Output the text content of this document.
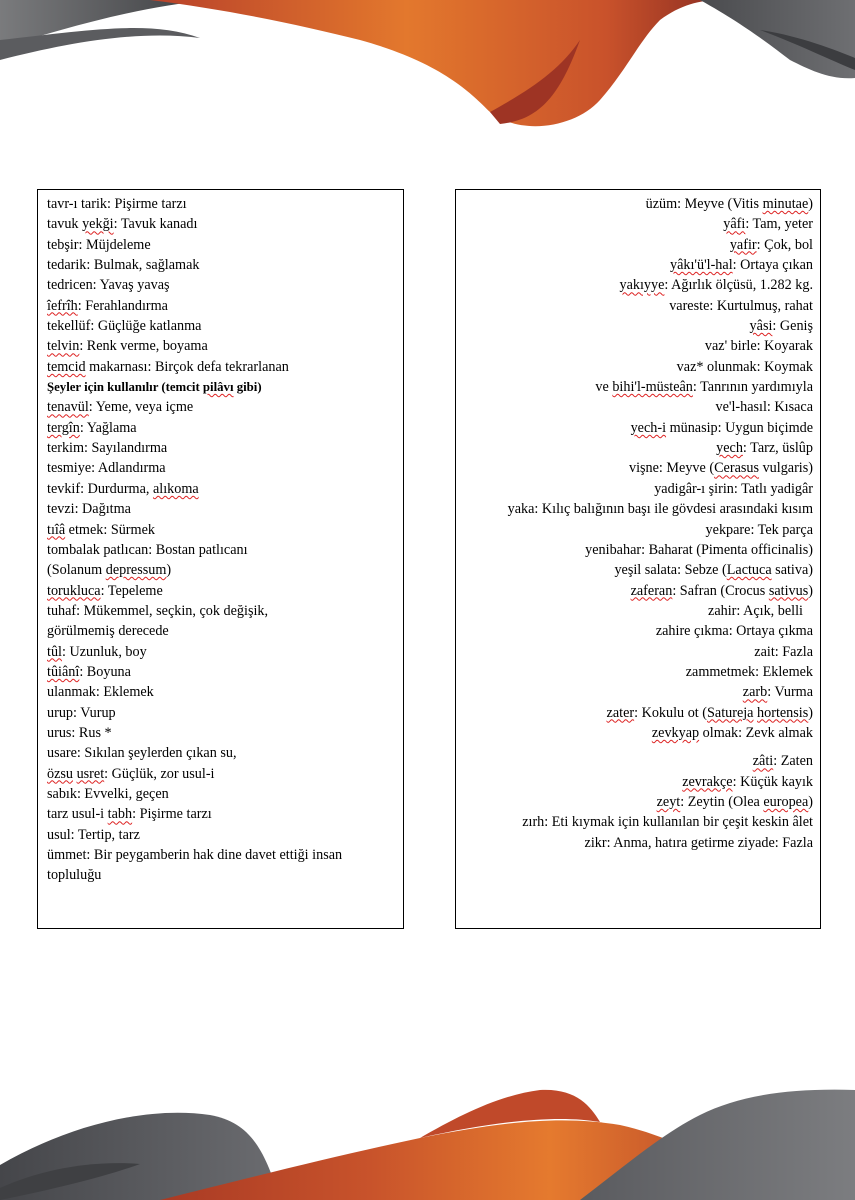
tavr-ı tarik: Pişirme tarzı
tavuk yekği: Tavuk kanadı
tebşir: Müjdeleme
tedarik: Bulmak, sağlamak
tedricen: Yavaş yavaş
îefrîh: Ferahlandırma
tekellüf: Güçlüğe katlanma
telvin: Renk verme, boyama
temcid makarnası: Birçok defa tekrarlanan
Şeyler için kullanılır (temcit pilâvı gibi)
tenavül: Yeme, veya içme
tergîn: Yağlama
terkim: Sayılandırma
tesmiye: Adlandırma
tevkif: Durdurma, alıkoma
tevzi: Dağıtma
tıîâ etmek: Sürmek
tombalak patlıcan: Bostan patlıcanı
(Solanum depressum)
torukluca: Tepeleme
tuhaf: Mükemmel, seçkin, çok değişik,
görülmemiş derecede
tûl: Uzunluk, boy
tûiânî: Boyuna
ulanmak: Eklemek
urup: Vurup
urus: Rus *
usare: Sıkılan şeylerden çıkan su,
özsu usret: Güçlük, zor usul-i
sabık: Evvelki, geçen
tarz usul-i tabh: Pişirme tarzı
usul: Tertip, tarz
ümmet: Bir peygamberin hak dine davet ettiği insan topluluğu
üzüm: Meyve (Vitis minutae)
yâfi: Tam, yeter
yafir: Çok, bol
yâkı'ü'l-hal: Ortaya çıkan
yakıyye: Ağırlık ölçüsü, 1.282 kg.
vareste: Kurtulmuş, rahat
yâsi: Geniş
vaz' birle: Koyarak
vaz* olunmak: Koymak
ve bihi'l-müsteân: Tanrının yardımıyla
ve'l-hasıl: Kısaca
yech-i münasip: Uygun biçimde
yech: Tarz, üslûp
vişne: Meyve (Cerasus vulgaris)
yadigâr-ı şirin: Tatlı yadigâr
yaka: Kılıç balığının başı ile gövdesi arasındaki kısım
yekpare: Tek parça
yenibahar: Baharat (Pimenta officinalis)
yeşil salata: Sebze (Lactuca sativa)
zaferan: Safran (Crocus sativus)
zahir: Açık, belli
zahire çıkma: Ortaya çıkma
zait: Fazla
zammetmek: Eklemek
zarb: Vurma
zater: Kokulu ot (Satureja hortensis)
zevkyap olmak: Zevk almak
zâti: Zaten
zevrakçe: Küçük kayık
zeyt: Zeytin (Olea europea)
zırh: Eti kıymak için kullanılan bir çeşit keskin âlet
zikr: Anma, hatıra getirme ziyade: Fazla
